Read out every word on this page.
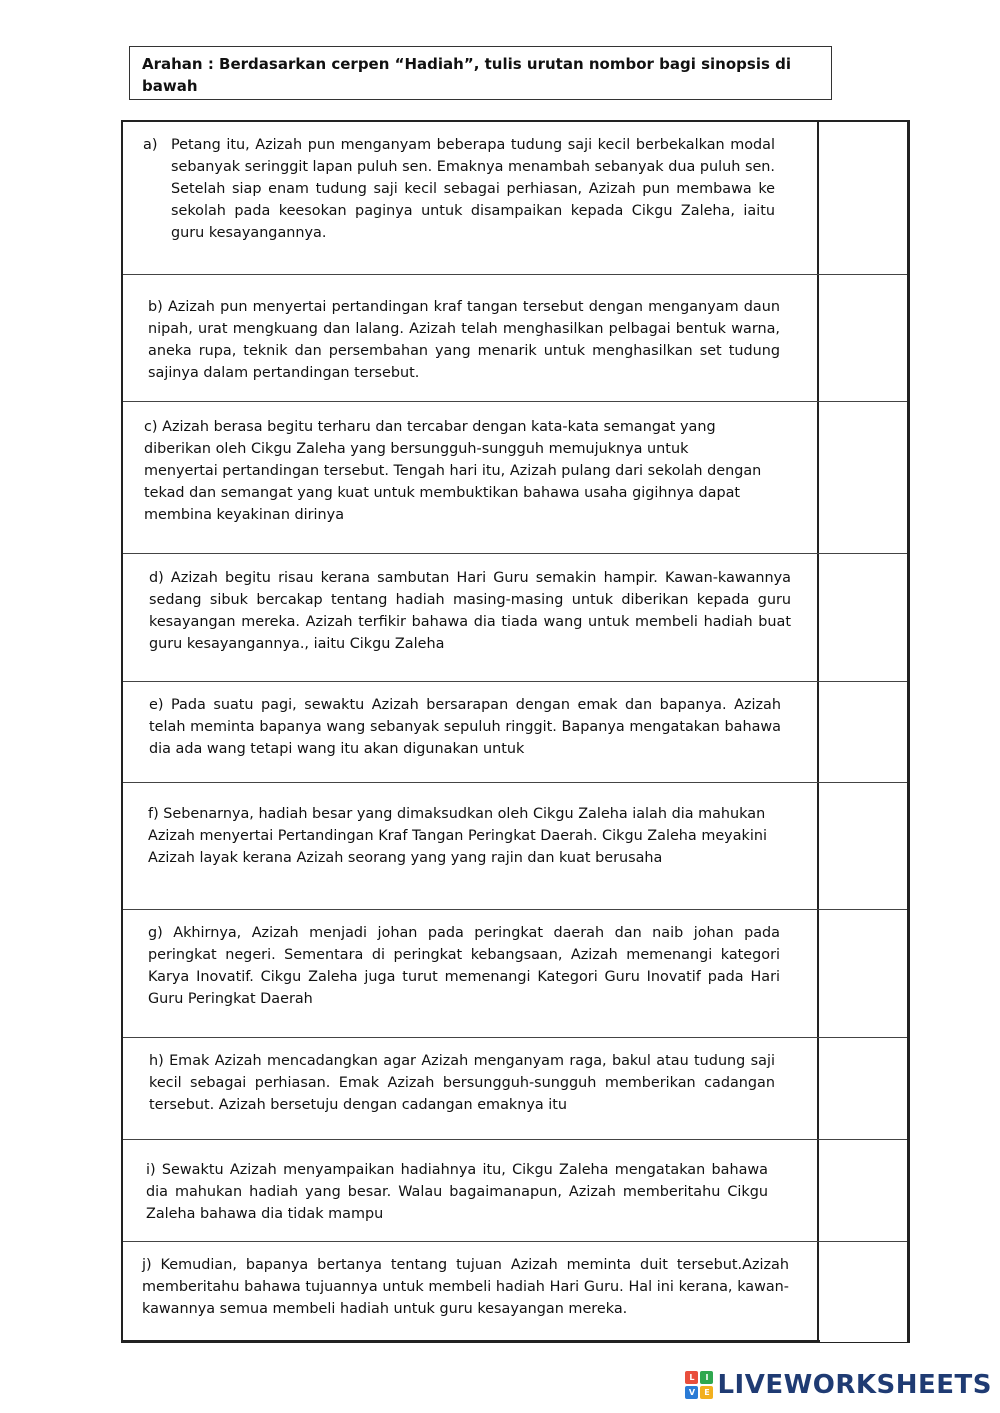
Arahan : Berdasarkan cerpen “Hadiah”, tulis urutan nombor bagi sinopsis di bawah
a) Petang itu, Azizah pun menganyam beberapa tudung saji kecil berbekalkan modal sebanyak seringgit lapan puluh sen. Emaknya menambah sebanyak dua puluh sen. Setelah siap enam tudung saji kecil sebagai perhiasan, Azizah pun membawa ke sekolah pada keesokan paginya untuk disampaikan kepada Cikgu Zaleha, iaitu guru kesayangannya.
b) Azizah pun menyertai pertandingan kraf tangan tersebut dengan menganyam daun nipah, urat mengkuang dan lalang. Azizah telah menghasilkan pelbagai bentuk warna, aneka rupa, teknik dan persembahan yang menarik untuk menghasilkan set tudung sajinya dalam pertandingan tersebut.
c) Azizah berasa begitu terharu dan tercabar dengan kata-kata semangat yang diberikan oleh Cikgu Zaleha yang bersungguh-sungguh memujuknya untuk menyertai pertandingan tersebut. Tengah hari itu, Azizah pulang dari sekolah dengan tekad dan semangat yang kuat untuk membuktikan bahawa usaha gigihnya dapat membina keyakinan dirinya
d) Azizah begitu risau kerana sambutan Hari Guru semakin hampir. Kawan-kawannya sedang sibuk bercakap tentang hadiah masing-masing untuk diberikan kepada guru kesayangan mereka. Azizah terfikir bahawa dia tiada wang untuk membeli hadiah buat guru kesayangannya., iaitu Cikgu Zaleha
e) Pada suatu pagi, sewaktu Azizah bersarapan dengan emak dan bapanya. Azizah telah meminta bapanya wang sebanyak sepuluh ringgit. Bapanya mengatakan bahawa dia ada wang tetapi wang itu akan digunakan untuk
f) Sebenarnya, hadiah besar yang dimaksudkan oleh Cikgu Zaleha ialah dia mahukan Azizah menyertai Pertandingan Kraf Tangan Peringkat Daerah. Cikgu Zaleha meyakini Azizah layak kerana Azizah seorang yang yang rajin dan kuat berusaha
g) Akhirnya, Azizah menjadi johan pada peringkat daerah dan naib johan pada peringkat negeri. Sementara di peringkat kebangsaan, Azizah memenangi kategori Karya Inovatif. Cikgu Zaleha juga turut memenangi Kategori Guru Inovatif pada Hari Guru Peringkat Daerah
h) Emak Azizah mencadangkan agar Azizah menganyam raga, bakul atau tudung saji kecil sebagai perhiasan. Emak Azizah bersungguh-sungguh memberikan cadangan tersebut. Azizah bersetuju dengan cadangan emaknya itu
i) Sewaktu Azizah menyampaikan hadiahnya itu, Cikgu Zaleha mengatakan bahawa dia mahukan hadiah yang besar. Walau bagaimanapun, Azizah memberitahu Cikgu Zaleha bahawa dia tidak mampu
j) Kemudian, bapanya bertanya tentang tujuan Azizah meminta duit tersebut.Azizah memberitahu bahawa tujuannya untuk membeli hadiah Hari Guru. Hal ini kerana, kawan-kawannya semua membeli hadiah untuk guru kesayangan mereka.
L	I
V	E LIVEWORKSHEETS
